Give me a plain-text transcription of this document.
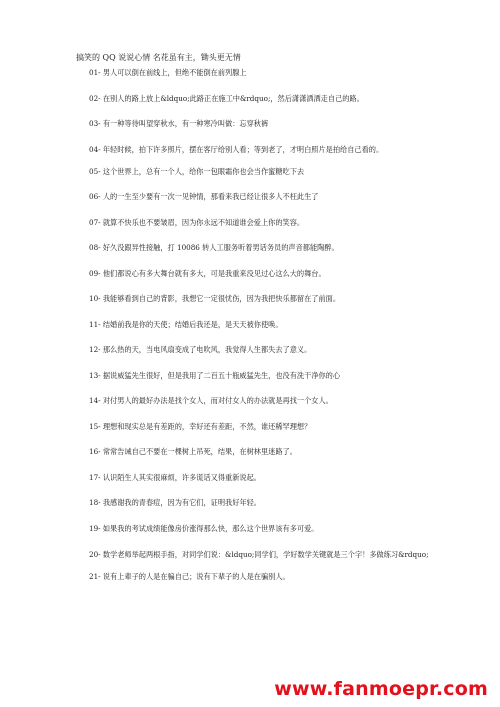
搞笑的 QQ 说说心情 名花虽有主，锄头更无情
01- 男人可以倒在前线上，但绝不能倒在前列腺上
02- 在别人的路上放上&ldquo;此路正在施工中&rdquo;，然后潇潇洒洒走自己的路。
03- 有一种等待叫望穿秋水，有一种寒冷叫做：忘穿秋裤
04- 年轻时候，拍下许多照片，摆在客厅给别人看；等到老了，才明白照片是拍给自己看的。
05- 这个世界上，总有一个人，给你一包眼霜你也会当作蜜糖吃下去
06- 人的一生至少要有一次一见钟情，那看来我已经让很多人不枉此生了
07- 就算不快乐也不要皱眉，因为你永远不知道谁会爱上你的笑容。
08- 好久没跟异性接触，打 10086 转人工服务听着男话务员的声音都能陶醉。
09- 他们都说心有多大舞台就有多大，可是我重来没见过心这么大的舞台。
10- 我能够看到自己的背影，我想它一定很忧伤，因为我把快乐都留在了前面。
11- 结婚前我是你的天使；结婚后我还是，是天天被你使唤。
12- 那么热的天，当电风扇变成了电吹风，我觉得人生都失去了意义。
13- 据说威猛先生很好，但是我用了二百五十瓶威猛先生，也没有洗干净你的心
14- 对付男人的最好办法是找个女人，而对付女人的办法就是再找一个女人。
15- 理想和现实总是有差距的，幸好还有差距，不然，谁还稀罕理想？
16- 常常告诫自己不要在一棵树上吊死，结果，在树林里迷路了。
17- 认识陌生人其实很麻烦，许多谎话又得重新说起。
18- 我感谢我的青春痘，因为有它们，证明我好年轻。
19- 如果我的考试成绩能像房价涨得那么快，那么这个世界该有多可爱。
20- 数学老师举起两根手指，对同学们说：&ldquo;同学们，学好数学关键就是三个字！多做练习&rdquo;
21- 说有上辈子的人是在骗自己；说有下辈子的人是在骗别人。
www.fanmoepr.com
